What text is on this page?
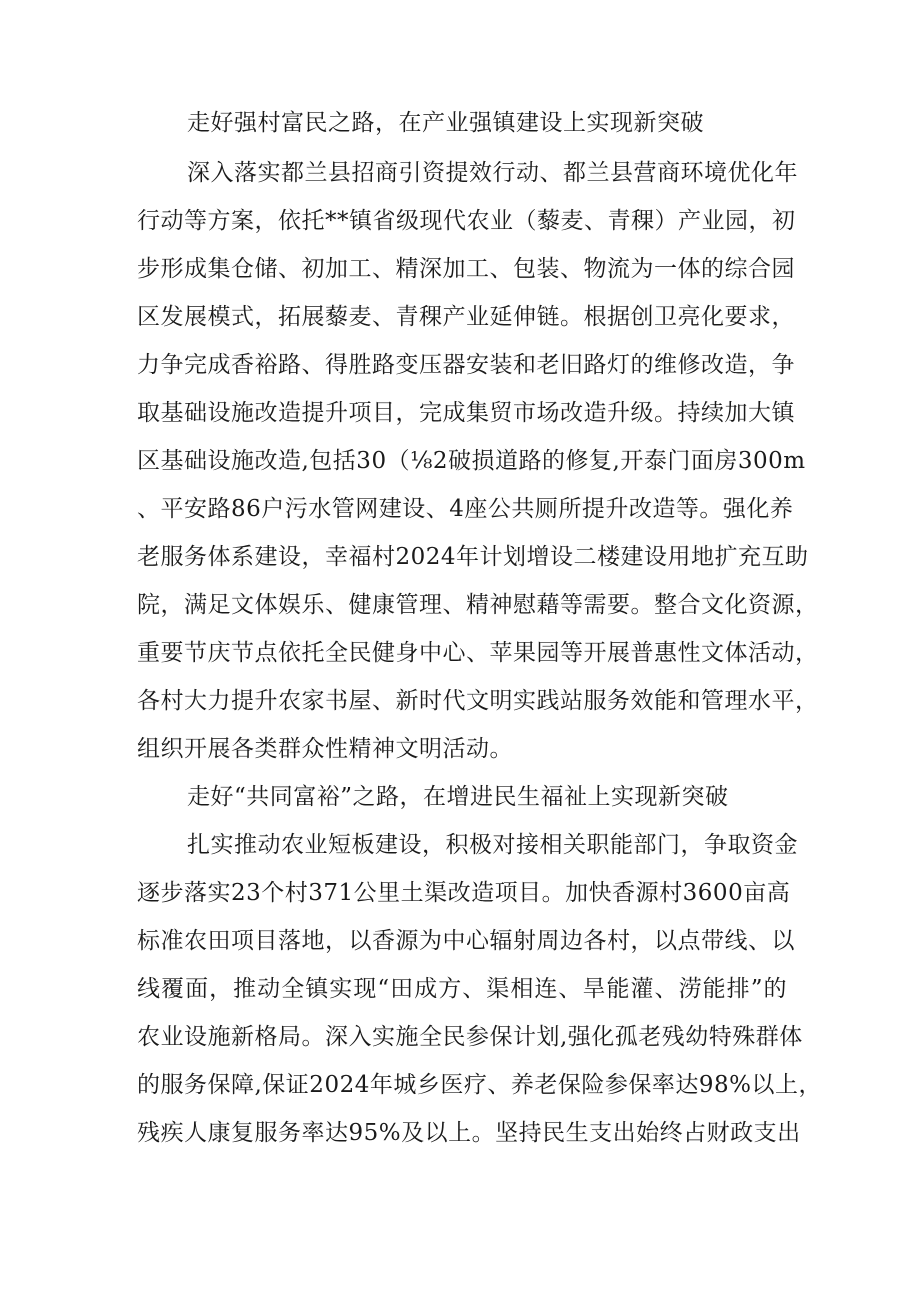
走好强村富民之路，在产业强镇建设上实现新突破
深入落实都兰县招商引资提效行动、都兰县营商环境优化年
行动等方案，依托**镇省级现代农业（藜麦、青稞）产业园，初
步形成集仓储、初加工、精深加工、包装、物流为一体的综合园
区发展模式，拓展藜麦、青稞产业延伸链。根据创卫亮化要求，
力争完成香裕路、得胜路变压器安装和老旧路灯的维修改造，争
取基础设施改造提升项目，完成集贸市场改造升级。持续加大镇
区基础设施改造,包括30（⅛2破损道路的修复,开泰门面房300m
、平安路86户污水管网建设、4座公共厕所提升改造等。强化养
老服务体系建设，幸福村2024年计划增设二楼建设用地扩充互助
院，满足文体娱乐、健康管理、精神慰藉等需要。整合文化资源，
重要节庆节点依托全民健身中心、苹果园等开展普惠性文体活动，
各村大力提升农家书屋、新时代文明实践站服务效能和管理水平，
组织开展各类群众性精神文明活动。
走好“共同富裕”之路，在增进民生福祉上实现新突破
扎实推动农业短板建设，积极对接相关职能部门，争取资金
逐步落实23个村371公里土渠改造项目。加快香源村3600亩高
标准农田项目落地，以香源为中心辐射周边各村，以点带线、以
线覆面，推动全镇实现“田成方、渠相连、旱能灌、涝能排”的
农业设施新格局。深入实施全民参保计划,强化孤老残幼特殊群体
的服务保障,保证2024年城乡医疗、养老保险参保率达98%以上，
残疾人康复服务率达95%及以上。坚持民生支出始终占财政支出
